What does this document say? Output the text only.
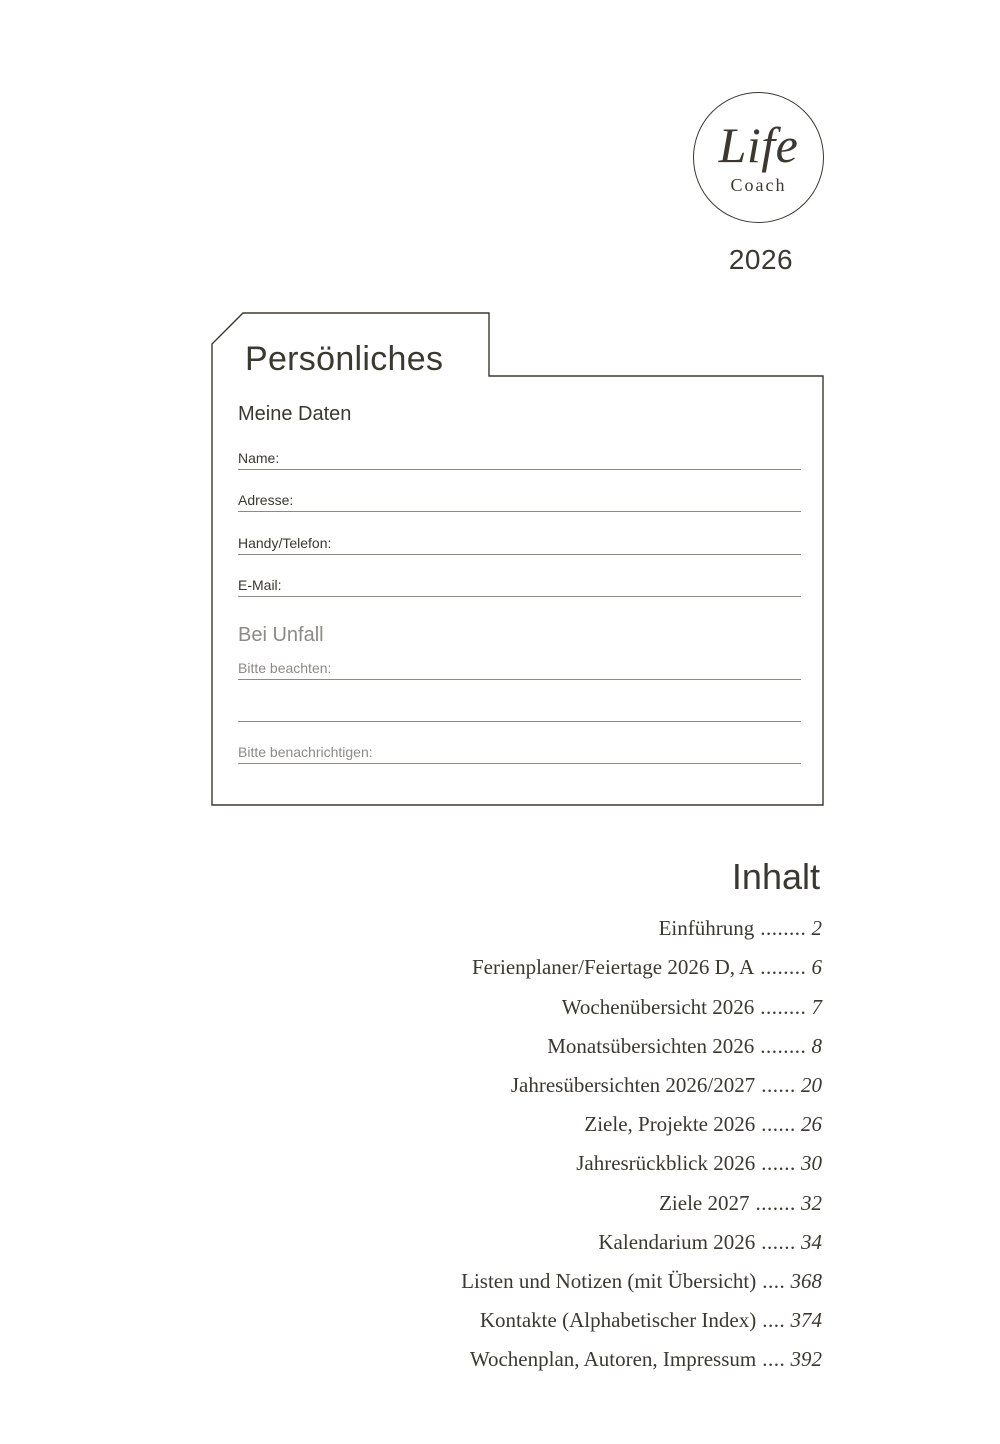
Life
Coach
2026
Persönliches
Meine Daten
Name:
Adresse:
Handy/Telefon:
E-Mail:
Bei Unfall
Bitte beachten:
Bitte benachrichtigen:
Inhalt
Einführung ........ 2
Ferienplaner/Feiertage 2026 D, A ........ 6
Wochenübersicht 2026 ........ 7
Monatsübersichten 2026 ........ 8
Jahresübersichten 2026/2027 ...... 20
Ziele, Projekte 2026 ...... 26
Jahresrückblick 2026 ...... 30
Ziele 2027 ....... 32
Kalendarium 2026 ...... 34
Listen und Notizen (mit Übersicht) .... 368
Kontakte (Alphabetischer Index) .... 374
Wochenplan, Autoren, Impressum .... 392
